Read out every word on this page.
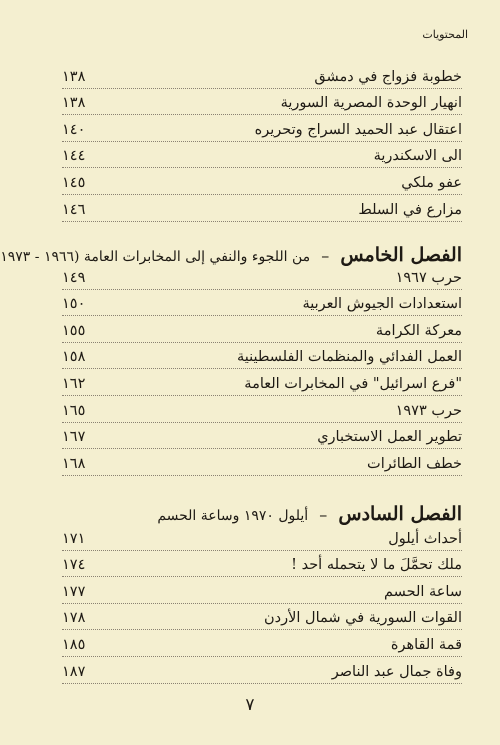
المحتويات
خطوبة فزواج في دمشق
١٣٨
انهيار الوحدة المصرية السورية
١٣٨
اعتقال عبد الحميد السراج وتحريره
١٤٠
الى الاسكندرية
١٤٤
عفو ملكي
١٤٥
مزارع في السلط
١٤٦
الفصل الخامس – من اللجوء والنفي إلى المخابرات العامة (١٩٦٦ - ١٩٧٣
حرب ١٩٦٧
١٤٩
استعدادات الجيوش العربية
١٥٠
معركة الكرامة
١٥٥
العمل الفدائي والمنظمات الفلسطينية
١٥٨
"فرع اسرائيل" في المخابرات العامة
١٦٢
حرب ١٩٧٣
١٦٥
تطوير العمل الاستخباري
١٦٧
خطف الطائرات
١٦٨
الفصل السادس – أيلول ١٩٧٠ وساعة الحسم
أحداث أيلول
١٧١
ملك تحمَّلَ ما لا يتحمله أحد !
١٧٤
ساعة الحسم
١٧٧
القوات السورية في شمال الأردن
١٧٨
قمة القاهرة
١٨٥
وفاة جمال عبد الناصر
١٨٧
٧
